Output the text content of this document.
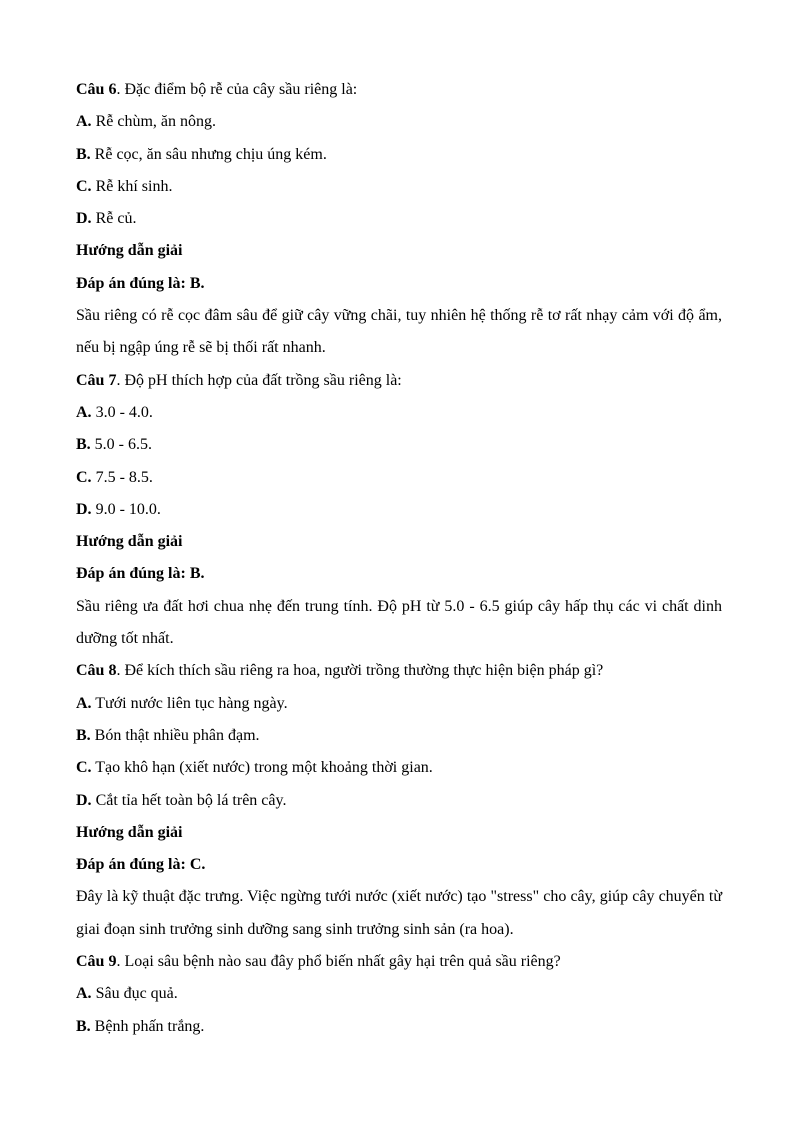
Câu 6. Đặc điểm bộ rễ của cây sầu riêng là:
A. Rễ chùm, ăn nông.
B. Rễ cọc, ăn sâu nhưng chịu úng kém.
C. Rễ khí sinh.
D. Rễ củ.
Hướng dẫn giải
Đáp án đúng là: B.
Sầu riêng có rễ cọc đâm sâu để giữ cây vững chãi, tuy nhiên hệ thống rễ tơ rất nhạy cảm với độ ẩm, nếu bị ngập úng rễ sẽ bị thối rất nhanh.
Câu 7. Độ pH thích hợp của đất trồng sầu riêng là:
A. 3.0 - 4.0.
B. 5.0 - 6.5.
C. 7.5 - 8.5.
D. 9.0 - 10.0.
Hướng dẫn giải
Đáp án đúng là: B.
Sầu riêng ưa đất hơi chua nhẹ đến trung tính. Độ pH từ 5.0 - 6.5 giúp cây hấp thụ các vi chất dinh dưỡng tốt nhất.
Câu 8. Để kích thích sầu riêng ra hoa, người trồng thường thực hiện biện pháp gì?
A. Tưới nước liên tục hàng ngày.
B. Bón thật nhiều phân đạm.
C. Tạo khô hạn (xiết nước) trong một khoảng thời gian.
D. Cắt tỉa hết toàn bộ lá trên cây.
Hướng dẫn giải
Đáp án đúng là: C.
Đây là kỹ thuật đặc trưng. Việc ngừng tưới nước (xiết nước) tạo "stress" cho cây, giúp cây chuyển từ giai đoạn sinh trưởng sinh dưỡng sang sinh trưởng sinh sản (ra hoa).
Câu 9. Loại sâu bệnh nào sau đây phổ biến nhất gây hại trên quả sầu riêng?
A. Sâu đục quả.
B. Bệnh phấn trắng.
